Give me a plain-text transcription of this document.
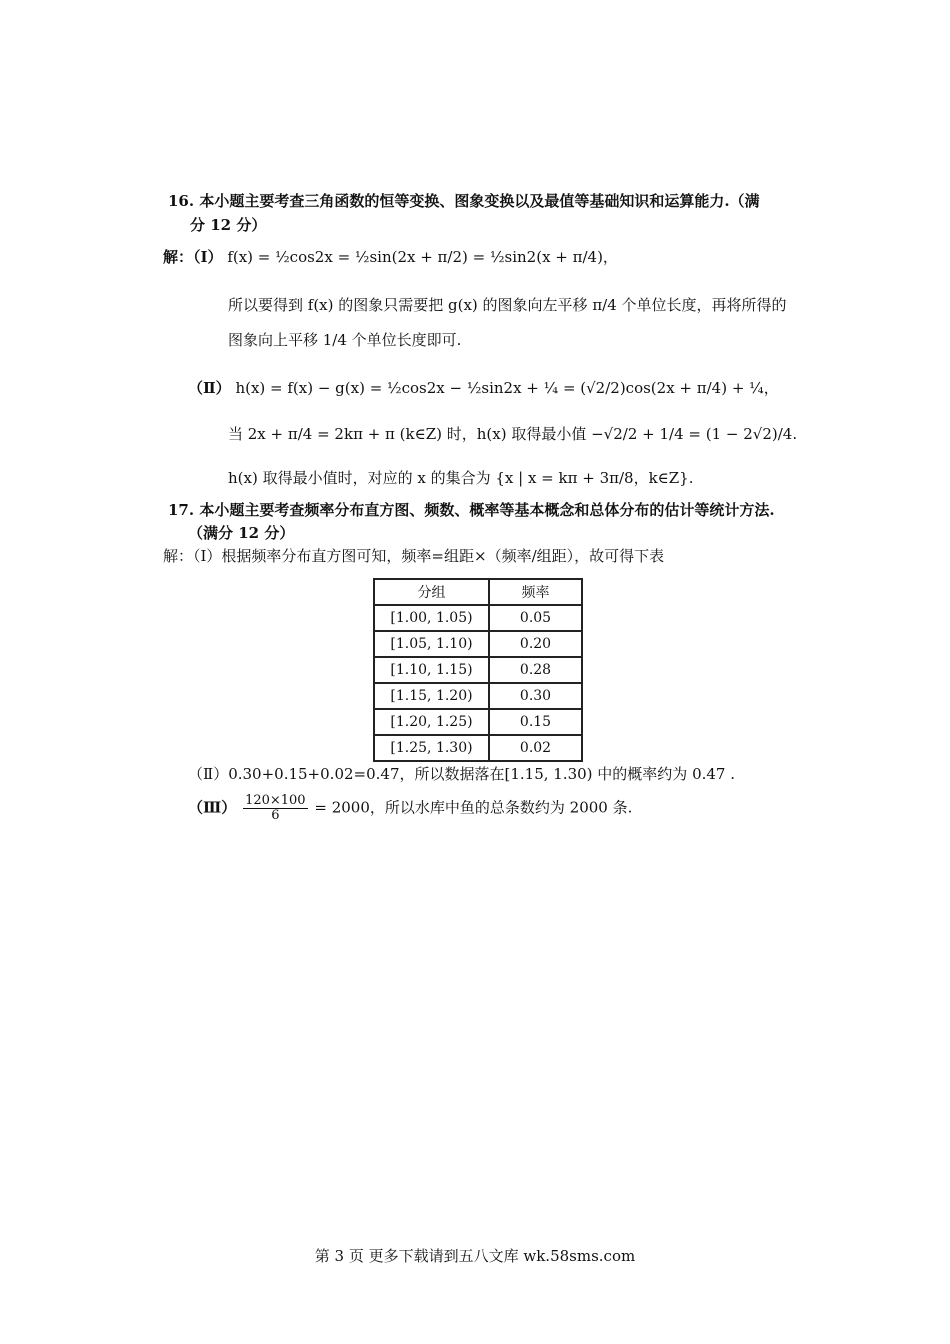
16. 本小题主要考查三角函数的恒等变换、图象变换以及最值等基础知识和运算能力.（满
分 12 分）
解：（Ⅰ） f(x) = ½cos2x = ½sin(2x + π/2) = ½sin2(x + π/4)，
所以要得到 f(x) 的图象只需要把 g(x) 的图象向左平移 π/4 个单位长度，再将所得的
图象向上平移 1/4 个单位长度即可.
（Ⅱ） h(x) = f(x) − g(x) = ½cos2x − ½sin2x + ¼ = (√2/2)cos(2x + π/4) + ¼，
当 2x + π/4 = 2kπ + π (k∈Z) 时，h(x) 取得最小值 −√2/2 + 1/4 = (1 − 2√2)/4.
h(x) 取得最小值时，对应的 x 的集合为 {x | x = kπ + 3π/8，k∈Z}.
17. 本小题主要考查频率分布直方图、频数、概率等基本概念和总体分布的估计等统计方法.
（满分 12 分）
解：（Ⅰ）根据频率分布直方图可知，频率=组距×（频率/组距），故可得下表
分组	频率
[1.00, 1.05)	0.05
[1.05, 1.10)	0.20
[1.10, 1.15)	0.28
[1.15, 1.20)	0.30
[1.20, 1.25)	0.15
[1.25, 1.30)	0.02
（Ⅱ）0.30+0.15+0.02=0.47，所以数据落在[1.15, 1.30) 中的概率约为 0.47 .
（Ⅲ） $\frac{120\times 100}{6} = 2000$，所以水库中鱼的总条数约为 2000 条.
第 3 页 更多下载请到五八文库 wk.58sms.com
